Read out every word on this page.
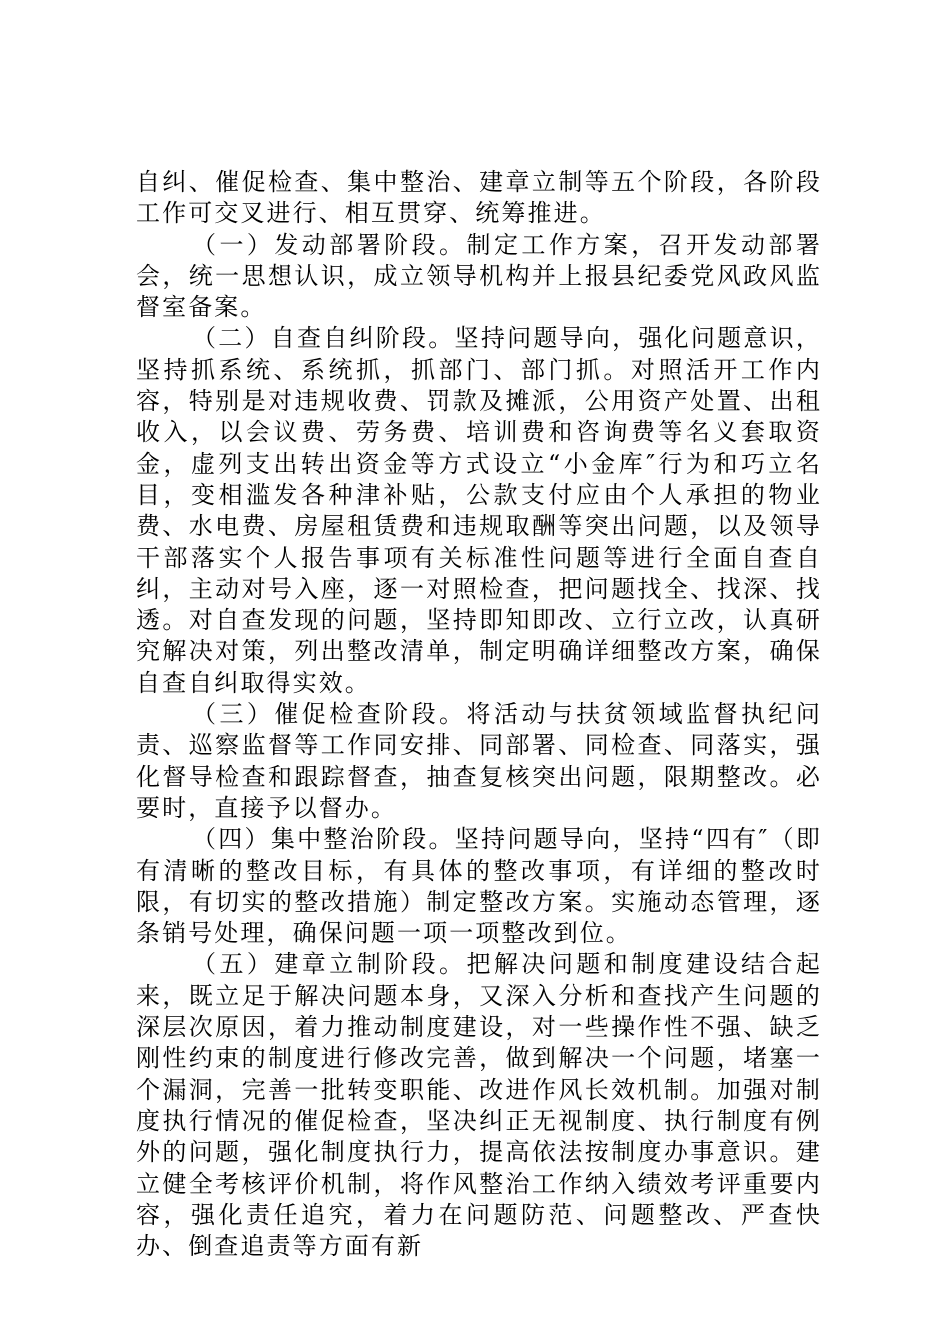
自纠、催促检查、集中整治、建章立制等五个阶段，各阶段工作可交叉进行、相互贯穿、统筹推进。

（一）发动部署阶段。制定工作方案，召开发动部署会，统一思想认识，成立领导机构并上报县纪委党风政风监督室备案。

（二）自查自纠阶段。坚持问题导向，强化问题意识，坚持抓系统、系统抓，抓部门、部门抓。对照活开工作内容，特别是对违规收费、罚款及摊派，公用资产处置、出租收入，以会议费、劳务费、培训费和咨询费等名义套取资金，虚列支出转出资金等方式设立“小金库″行为和巧立名目，变相滥发各种津补贴，公款支付应由个人承担的物业费、水电费、房屋租赁费和违规取酬等突出问题，以及领导干部落实个人报告事项有关标准性问题等进行全面自查自纠，主动对号入座，逐一对照检查，把问题找全、找深、找透。对自查发现的问题，坚持即知即改、立行立改，认真研究解决对策，列出整改清单，制定明确详细整改方案，确保自查自纠取得实效。

（三）催促检查阶段。将活动与扶贫领域监督执纪问责、巡察监督等工作同安排、同部署、同检查、同落实，强化督导检查和跟踪督查，抽查复核突出问题，限期整改。必要时，直接予以督办。

（四）集中整治阶段。坚持问题导向，坚持“四有″（即有清晰的整改目标，有具体的整改事项，有详细的整改时限，有切实的整改措施）制定整改方案。实施动态管理，逐条销号处理，确保问题一项一项整改到位。

（五）建章立制阶段。把解决问题和制度建设结合起来，既立足于解决问题本身，又深入分析和查找产生问题的深层次原因，着力推动制度建设，对一些操作性不强、缺乏刚性约束的制度进行修改完善，做到解决一个问题，堵塞一个漏洞，完善一批转变职能、改进作风长效机制。加强对制度执行情况的催促检查，坚决纠正无视制度、执行制度有例外的问题，强化制度执行力，提高依法按制度办事意识。建立健全考核评价机制，将作风整治工作纳入绩效考评重要内容，强化责任追究，着力在问题防范、问题整改、严查快办、倒查追责等方面有新
